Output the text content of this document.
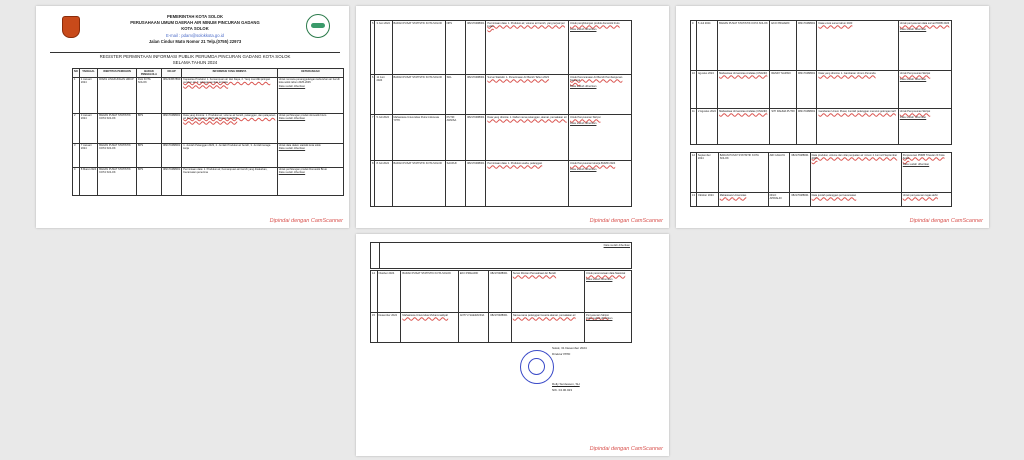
PEMERINTAH KOTA SOLOK
PERUSAHAAN UMUM DAERAH AIR MINUM PINCURAN GADANG
KOTA SOLOK
E-mail : pdam@solokkota.go.id
Jalan Cindur Mato Nomor 21 Telp.(0755) 22973
REGISTER PERMINTAAN INFORMASI PUBLIK PERUMDA PINCURAN GADANG KOTA SOLOK
SELAMA TAHUN 2024
NO	TANGGAL	IDENTITAS PEMOHON	BADAN PENGELOLA	NO.HP	INFORMASI YANG DIMINTA	KETERANGAN
1	1 Januari 2024	DINAS LINGKUNGAN HIDUP	DLH KOTA SOLOK	081234567890	Kapasitas Produksi: 1. Kemampuan air dan biaya, 2. Yang memiliki jaringan sumber air, 3. sebagai sumber air baku	Untuk rencana penanggulangan kebutuhan air bersih kota solok tahun 2025-2045
Data sudah diberikan
2	3 Januari 2024	BADAN PUSAT STATISTIK KOTA SOLOK	BPS	082170488001	Data yang diminta: 1. Produksi air, volume air bersih, pelanggan, dan pelayanan air bersih September 2023 s/d Desember 2023	Untuk perhitungan produk domestik bruto
Data sudah diberikan
3	7 Januari 2024	BADAN PUSAT STATISTIK KOTA SOLOK	BPS	082170488001	1. Jumlah Pelanggan 2023, 2. Jumlah Produksi air bersih, 3. Jumlah tenaga kerja	Untuk data dalam statistik kota solok
Data sudah diberikan
4	8 Maret 2024	BADAN PUSAT STATISTIK KOTA SOLOK	BPS	082170488001	Permintaan data: 1. Produksi air, Kemampuan air bersih yang disalurkan, Kecamatan penerima	Untuk perhitungan produk Domestik Bruto
Data sudah diberikan
Dipindai dengan CamScanner
5	3 Juni 2024	BADAN PUSAT STATISTIK KOTA SOLOK	NPS	082170488001	Permintaan data: 1. Produksi air, volume air bersih, yang terjual per bulan	Untuk penghitungan produk domestik bruto

Data sudah diberikan
6	11 Juni 2024	BADAN PUSAT STATISTIK KOTA SOLOK	SDL	082170488001	Survei Statistik: 1. Penerimaan Air Bersih Tahun 2023	Untuk Perencanaan Air Bersih Pembangunan Nasional

Data sudah diberikan
7	5 Juli 2024	Mahasiswa Universitas Putra Indonesia YPTK	PUTRI ANNISA	082170488001	Data yang diminta: 1. Daftar nama pelanggan, alamat, pemakaian air	Untuk Penyusunan Skripsi

Data sudah diberikan
8	8 Juli 2024	BADAN PUSAT STATISTIK KOTA SOLOK	SAUFUF	082170488001	Permintaan data: 1. Produksi usaha, pelanggan	Untuk Penyusunan kinerja BUMD 2024

Data sudah diberikan
Dipindai dengan CamScanner
9	5 Juli 2024	BADAN PUSAT STATISTIK KOTA SOLOK	EKO PRIHARIF	082170488001	Data untuk survei tahun 2023	Untuk penyusunan data survei PDRB 2023

Data sudah diberikan
10	Agustus 2024	Mahasiswa Universitas Andalas (UNAND)	RENDY NARSKI	082170488001	Data yang diminta: 1. Gambaran Umum Perumda	Untuk Penyusunan Skripsi

Data sudah diberikan
11	2 Agustus 2024	Mahasiswa Universitas Andalas (UNAND)	SITI RAHMA PUTRI	082170488001	Gambaran Umum Pusat, Jumlah pelanggan menurut golongan tarif	Untuk Penyusunan Skripsi

Data sudah diberikan
12	September 2024	BADAN PUSAT STATISTIK KOTA SOLOK	ARI CAHAYA	082170488001	Data produksi, volume dan nilai penjualan air minum 2 Juni s/d September 2024	Penyusunan PDRB Triwulan III Kota Solok

Data sudah diberikan
13	Oktober 2024	Mahasiswa Universitas	DIGO APRIALDI	082170488001	Data jumlah pelanggan per kecamatan	Untuk penyusunan tugas akhir
Dipindai dengan CamScanner
	Data sudah diberikan
14	Oktober 2024	BADAN PUSAT STATISTIK KOTA SOLOK	EKO PRIHARIF	082170488001	Survei Rincian Perusahaan Air Bersih	Untuk perencanaan data Nasional

Data sudah diberikan
15	Desember 2024	Mahasiswa Universitas Muhammadiyah	ANTYU SHERAVINA	082170488001	Nama-nama pelanggan beserta alamat, pemakaian air	Penyusunan Skripsi
Data sudah diberikan
Solok, 31 Desember 2024
Direktur PPID
Rolly Surdesson, SH
NIK. 04.00.023
Dipindai dengan CamScanner
